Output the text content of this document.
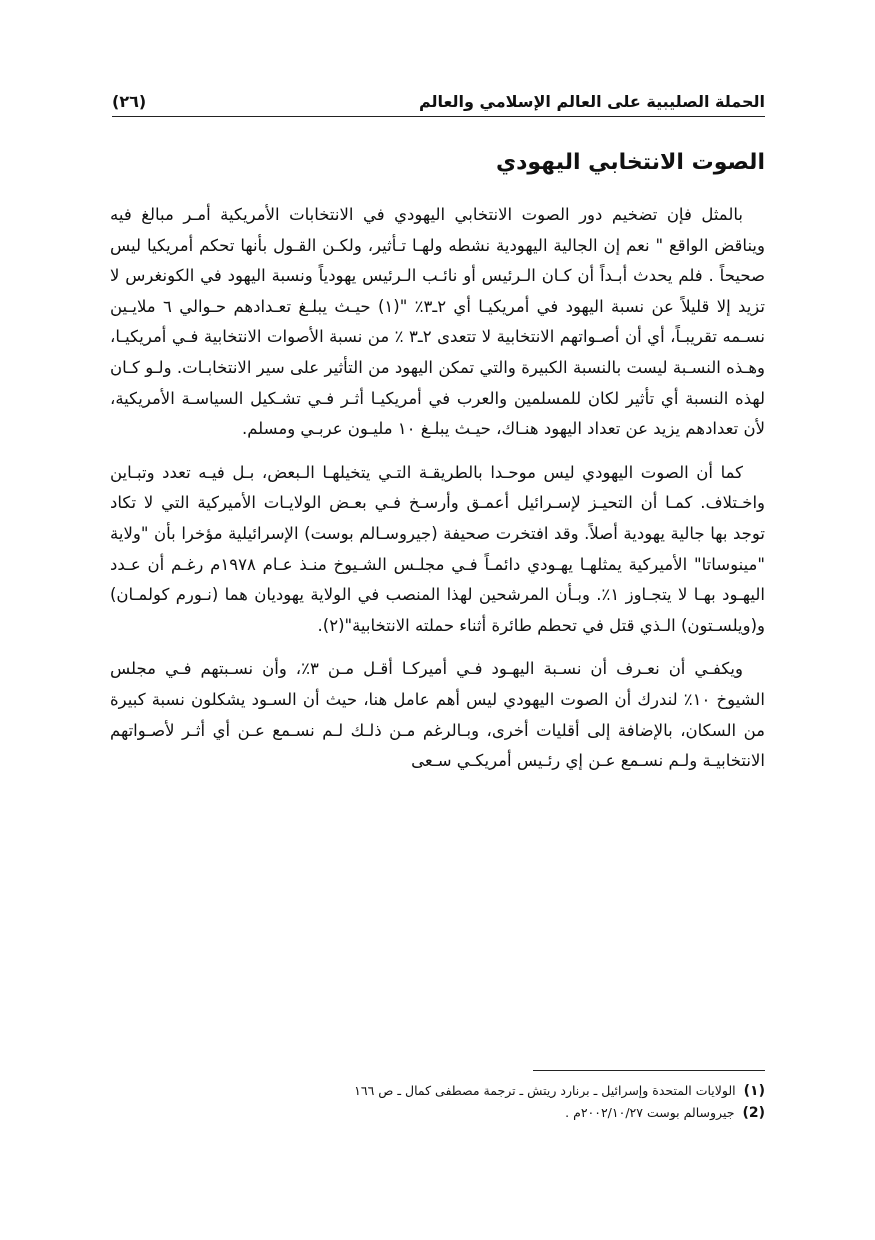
الحملة الصليبية على العالم الإسلامي والعالم
(٢٦)
الصوت الانتخابي اليهودي

بالمثل فإن تضخيم دور الصوت الانتخابي اليهودي في الانتخابات الأمريكية أمـر مبالغ فيه ويناقض الواقع " نعم إن الجالية اليهودية نشطه ولهـا تـأثير، ولكـن القـول بأنها تحكم أمريكيا ليس صحيحاً . فلم يحدث أبـداً أن كـان الـرئيس أو نائـب الـرئيس يهودياً ونسبة اليهود في الكونغرس لا تزيد إلا قليلاً عن نسبة اليهود في أمريكيـا أي ٢ـ٣٪ "(١) حيـث يبلـغ تعـدادهم حـوالي ٦ ملايـين نسـمه تقريبـاً، أي أن أصـواتهم الانتخابية لا تتعدى ٢ـ٣ ٪ من نسبة الأصوات الانتخابية فـي أمريكيـا، وهـذه النسـبة ليست بالنسبة الكبيرة والتي تمكن اليهود من التأثير على سير الانتخابـات. ولـو كـان لهذه النسبة أي تأثير لكان للمسلمين والعرب في أمريكيـا أثـر فـي تشـكيل السياسـة الأمريكية، لأن تعدادهم يزيد عن تعداد اليهود هنـاك، حيـث يبلـغ ١٠ مليـون عربـي ومسلم.

كما أن الصوت اليهودي ليس موحـدا بالطريقـة التـي يتخيلهـا الـبعض، بـل فيـه تعدد وتبـاين واخـتلاف. كمـا أن التحيـز لإسـرائيل أعمـق وأرسـخ فـي بعـض الولايـات الأميركية التي لا تكاد توجد بها جالية يهودية أصلاً. وقد افتخرت صحيفة (جيروسـالم بوست) الإسرائيلية مؤخرا بأن "ولاية "مينوساتا" الأميركية يمثلهـا يهـودي دائمـاً فـي مجلـس الشـيوخ منـذ عـام ١٩٧٨م رغـم أن عـدد اليهـود بهـا لا يتجـاوز ١٪. وبـأن المرشحين لهذا المنصب في الولاية يهوديان هما (نـورم كولمـان) و(ويلسـتون) الـذي قتل في تحطم طائرة أثناء حملته الانتخابية"(٢).

ويكفـي أن نعـرف أن نسـبة اليهـود فـي أميركـا أقـل مـن ٣٪، وأن نسـبتهم فـي مجلس الشيوخ ١٠٪ لندرك أن الصوت اليهودي ليس أهم عامل هنا، حيث أن السـود يشكلون نسبة كبيرة من السكان، بالإضافة إلى أقليات أخرى، وبـالرغم مـن ذلـك لـم نسـمع عـن أي أثـر لأصـواتهم الانتخابيـة ولـم نسـمع عـن إي رئـيس أمريكـي سـعى

(١) الولايات المتحدة وإسرائيل ـ برنارد ريتش ـ ترجمة مصطفى كمال ـ ص ١٦٦
(2) جيروسالم بوست ٢٠٠٢/١٠/٢٧م .
